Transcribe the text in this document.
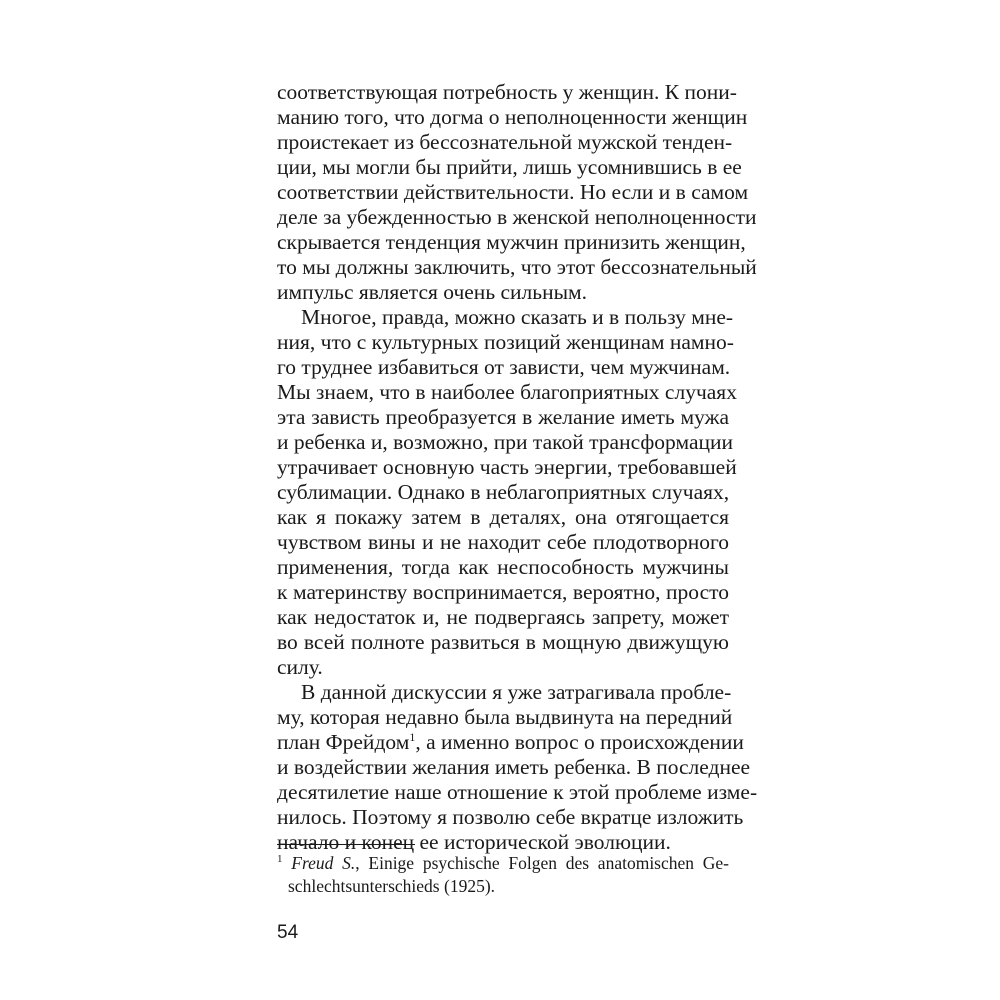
соответствующая потребность у женщин. К пони-

манию того, что догма о неполноценности женщин

проистекает из бессознательной мужской тенден-

ции, мы могли бы прийти, лишь усомнившись в ее

соответствии действительности. Но если и в самом

деле за убежденностью в женской неполноценности

скрывается тенденция мужчин принизить женщин,

то мы должны заключить, что этот бессознательный

импульс является очень сильным.

Многое, правда, можно сказать и в пользу мне-

ния, что с культурных позиций женщинам намно-

го труднее избавиться от зависти, чем мужчинам.

Мы знаем, что в наиболее благоприятных случаях

эта зависть преобразуется в желание иметь мужа

и ребенка и, возможно, при такой трансформации

утрачивает основную часть энергии, требовавшей

сублимации. Однако в неблагоприятных случаях,

как я покажу затем в деталях, она отягощается

чувством вины и не находит себе плодотворного

применения, тогда как неспособность мужчины

к материнству воспринимается, вероятно, просто

как недостаток и, не подвергаясь запрету, может

во всей полноте развиться в мощную движущую

силу.

В данной дискуссии я уже затрагивала пробле-

му, которая недавно была выдвинута на передний

план Фрейдом$^1$, а именно вопрос о происхождении

и воздействии желания иметь ребенка. В последнее

десятилетие наше отношение к этой проблеме изме-

нилось. Поэтому я позволю себе вкратце изложить

начало и конец ее исторической эволюции.

$^1$ Freud S., Einige psychische Folgen des anatomischen Ge-
schlechtsunterschieds (1925).
54
